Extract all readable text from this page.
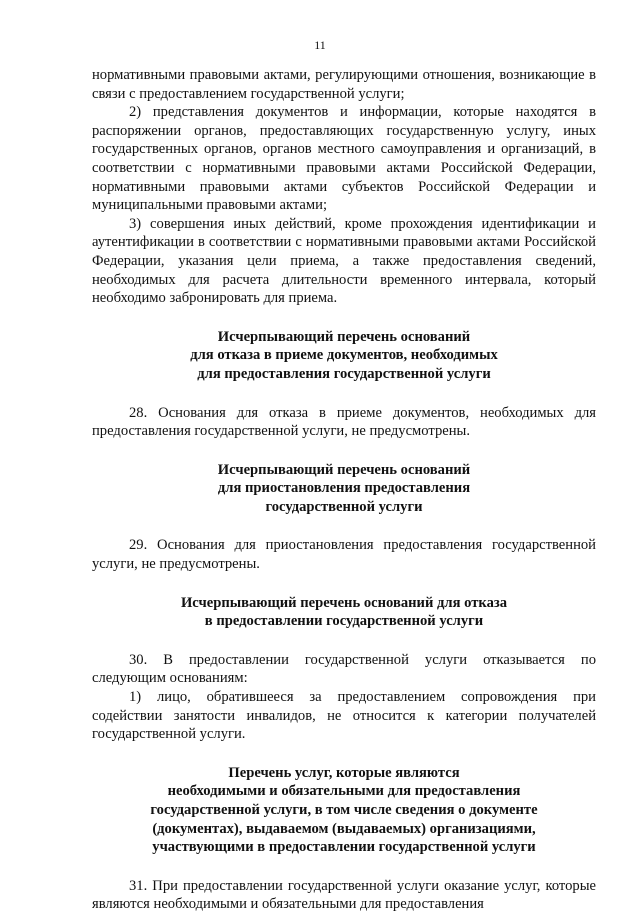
11

нормативными правовыми актами, регулирующими отношения, возникающие в связи с предоставлением государственной услуги;

2) представления документов и информации, которые находятся в распоряжении органов, предоставляющих государственную услугу, иных государственных органов, органов местного самоуправления и организаций, в соответствии с нормативными правовыми актами Российской Федерации, нормативными правовыми актами субъектов Российской Федерации и муниципальными правовыми актами;

3) совершения иных действий, кроме прохождения идентификации и аутентификации в соответствии с нормативными правовыми актами Российской Федерации, указания цели приема, а также предоставления сведений, необходимых для расчета длительности временного интервала, который необходимо забронировать для приема.

Исчерпывающий перечень оснований
для отказа в приеме документов, необходимых
для предоставления государственной услуги

28. Основания для отказа в приеме документов, необходимых для предоставления государственной услуги, не предусмотрены.

Исчерпывающий перечень оснований
для приостановления предоставления
государственной услуги

29. Основания для приостановления предоставления государственной услуги, не предусмотрены.

Исчерпывающий перечень оснований для отказа
в предоставлении государственной услуги

30. В предоставлении государственной услуги отказывается по следующим основаниям:

1) лицо, обратившееся за предоставлением сопровождения при содействии занятости инвалидов, не относится к категории получателей государственной услуги.

Перечень услуг, которые являются
необходимыми и обязательными для предоставления
государственной услуги, в том числе сведения о документе
(документах), выдаваемом (выдаваемых) организациями,
участвующими в предоставлении государственной услуги

31. При предоставлении государственной услуги оказание услуг, которые являются необходимыми и обязательными для предоставления
